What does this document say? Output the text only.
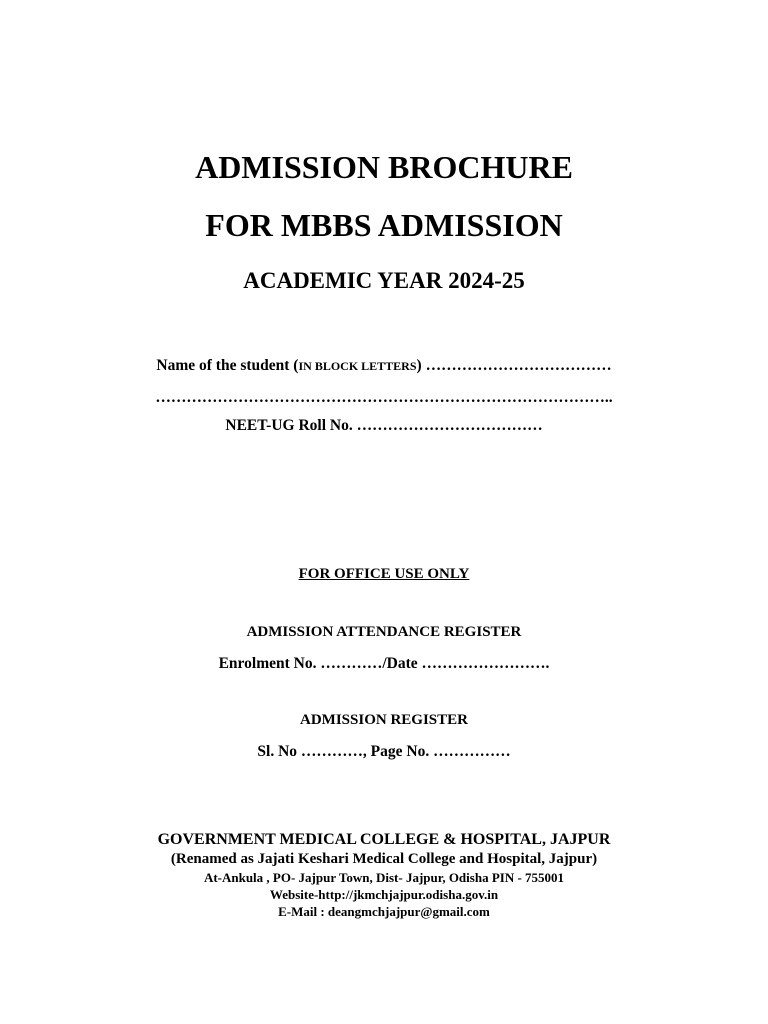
ADMISSION BROCHURE
FOR MBBS ADMISSION
ACADEMIC YEAR 2024-25
Name of the student (IN BLOCK LETTERS) ………………………………
……………………………………………………………………………..
NEET-UG Roll No. ………………………………
FOR OFFICE USE ONLY
ADMISSION ATTENDANCE REGISTER
Enrolment No. …………/Date …………………….
ADMISSION REGISTER
Sl. No …………, Page No. ……………
GOVERNMENT MEDICAL COLLEGE & HOSPITAL, JAJPUR
(Renamed as Jajati Keshari Medical College and Hospital, Jajpur)
At-Ankula , PO- Jajpur Town, Dist- Jajpur, Odisha PIN - 755001
Website-http://jkmchjajpur.odisha.gov.in
E-Mail : deangmchjajpur@gmail.com
